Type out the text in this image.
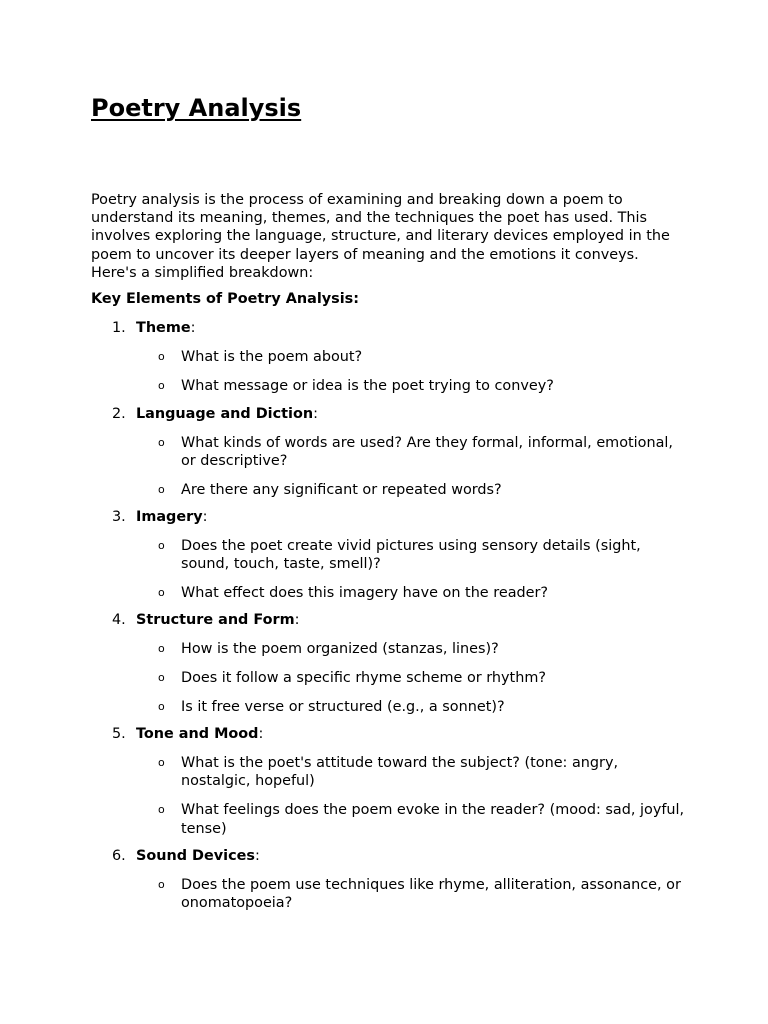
Poetry Analysis

Poetry analysis is the process of examining and breaking down a poem to understand its meaning, themes, and the techniques the poet has used. This involves exploring the language, structure, and literary devices employed in the poem to uncover its deeper layers of meaning and the emotions it conveys. Here's a simplified breakdown:

Key Elements of Poetry Analysis:

1. Theme:
o What is the poem about?
o What message or idea is the poet trying to convey?
2. Language and Diction:
o What kinds of words are used? Are they formal, informal, emotional, or descriptive?
o Are there any significant or repeated words?
3. Imagery:
o Does the poet create vivid pictures using sensory details (sight, sound, touch, taste, smell)?
o What effect does this imagery have on the reader?
4. Structure and Form:
o How is the poem organized (stanzas, lines)?
o Does it follow a specific rhyme scheme or rhythm?
o Is it free verse or structured (e.g., a sonnet)?
5. Tone and Mood:
o What is the poet's attitude toward the subject? (tone: angry, nostalgic, hopeful)
o What feelings does the poem evoke in the reader? (mood: sad, joyful, tense)
6. Sound Devices:
o Does the poem use techniques like rhyme, alliteration, assonance, or onomatopoeia?
